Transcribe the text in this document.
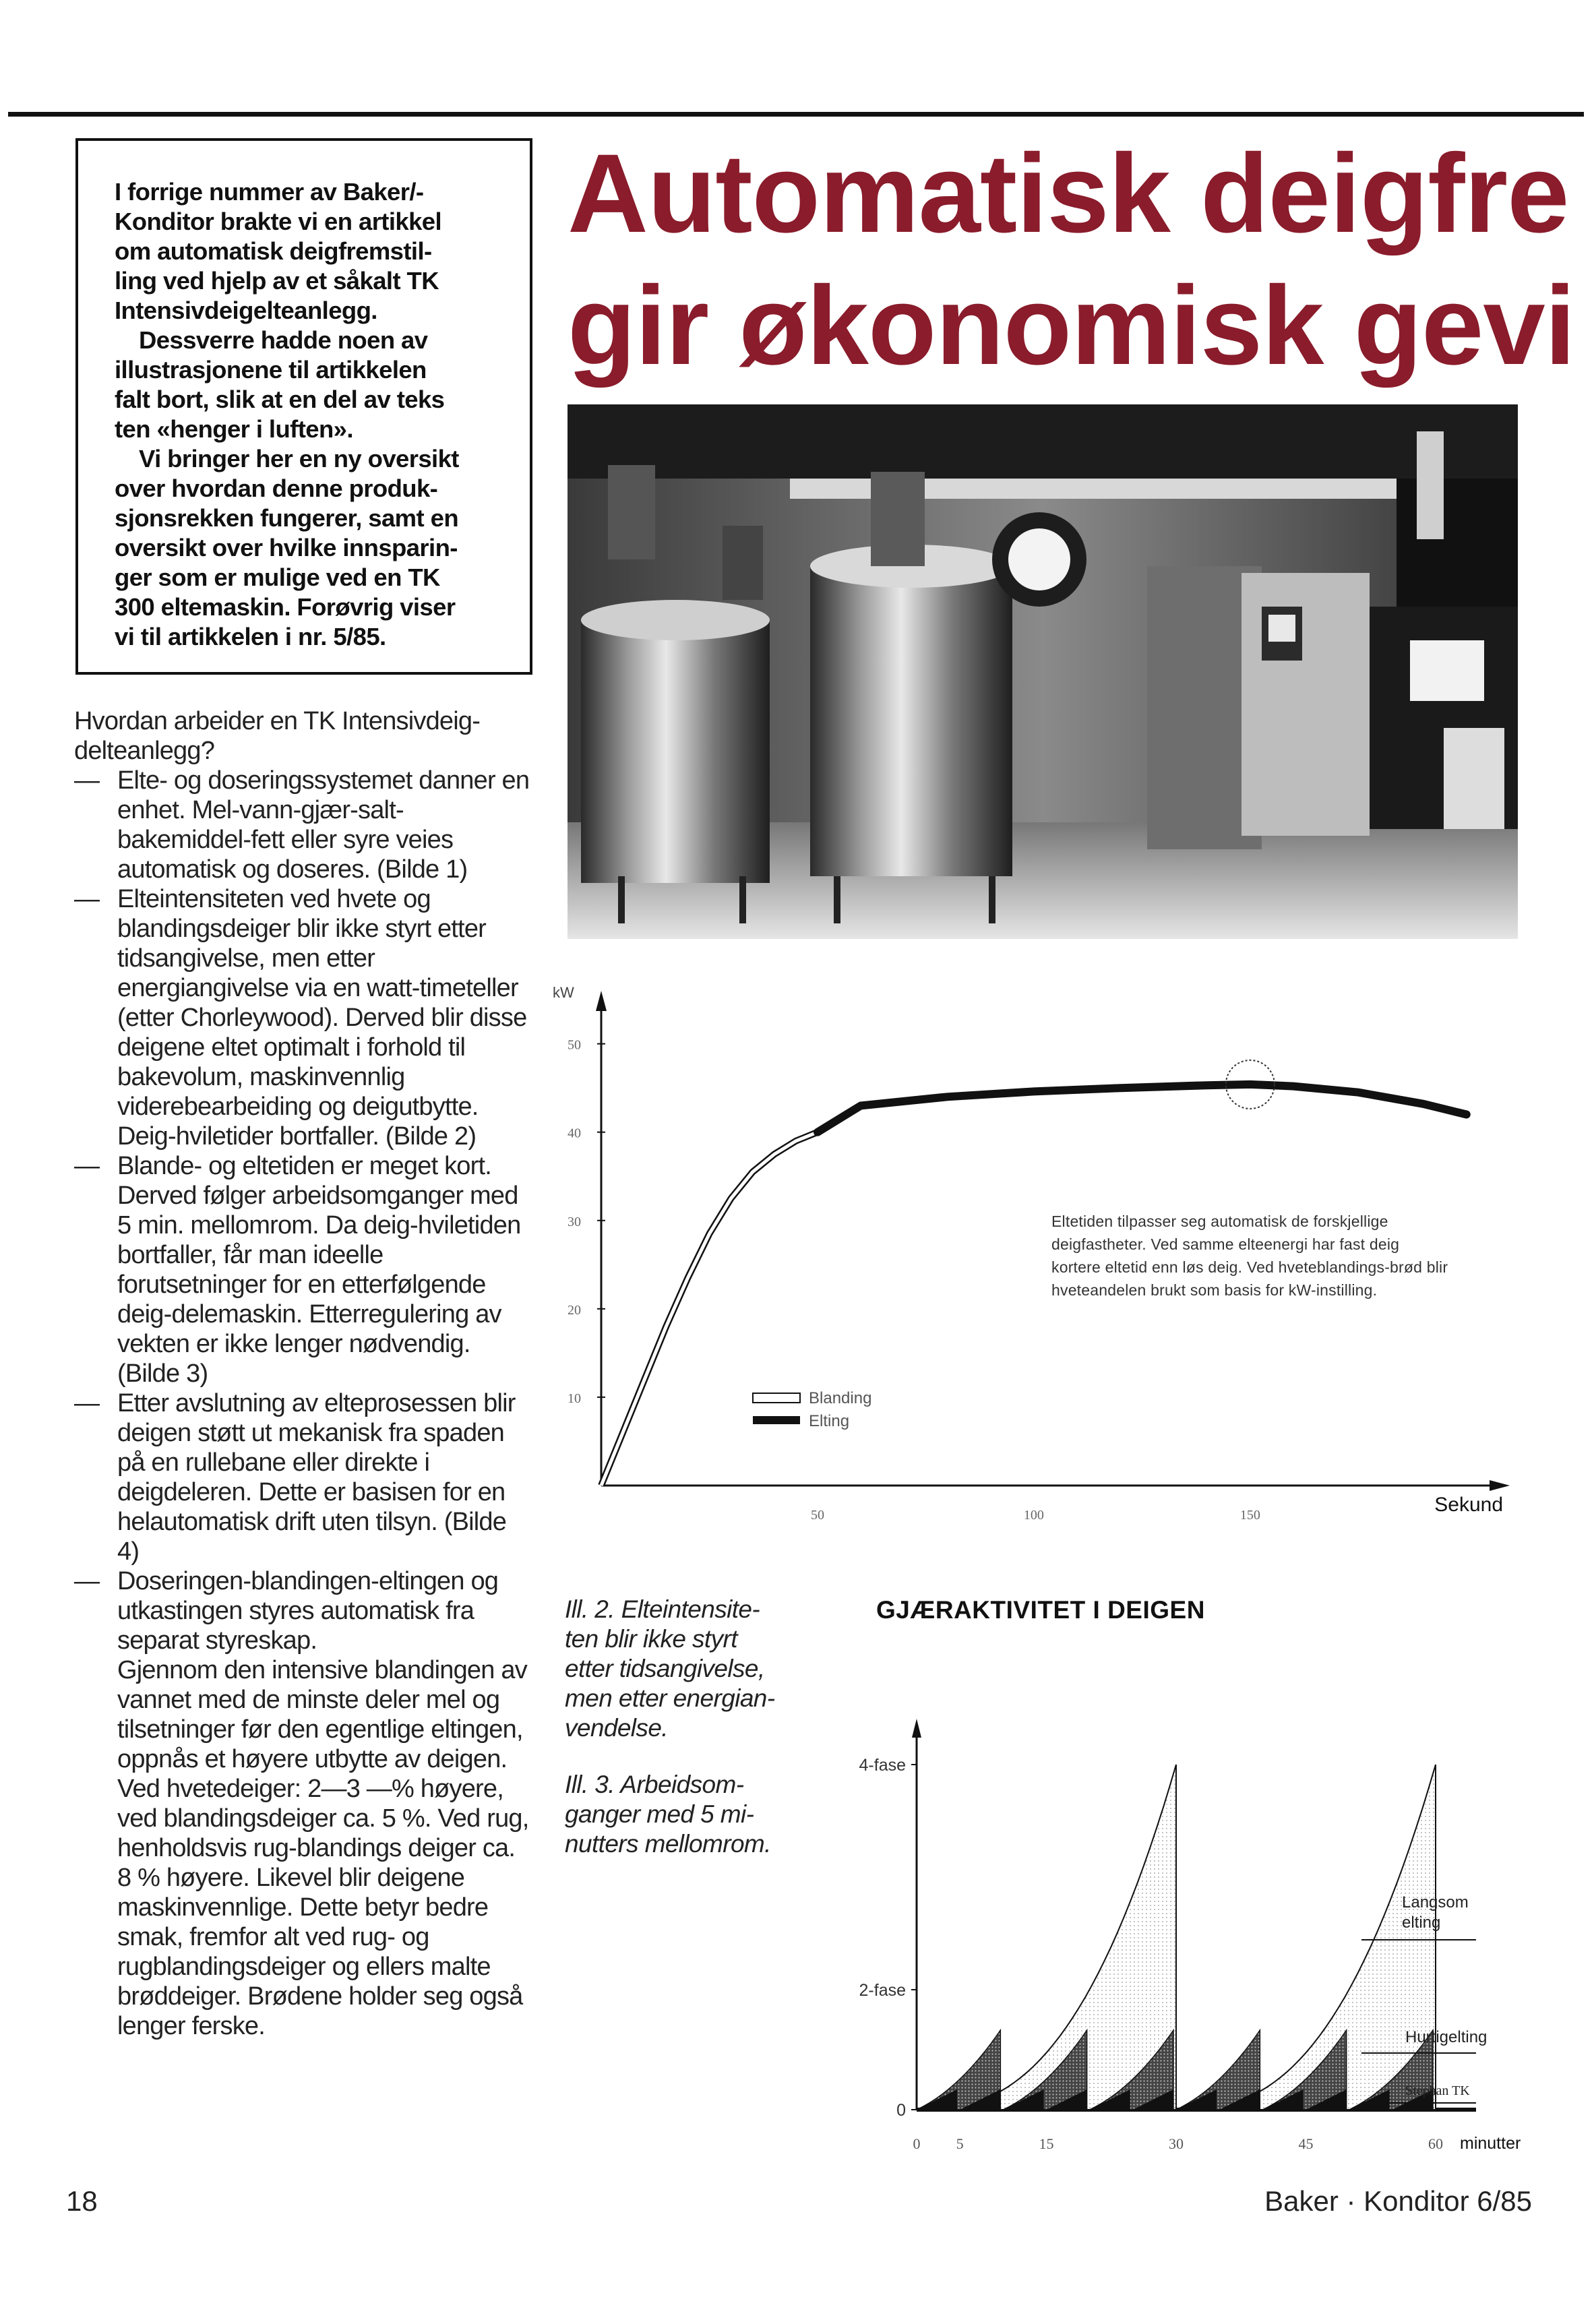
I forrige nummer av Baker/-
Konditor brakte vi en artikkel
om automatisk deigfremstil-
ling ved hjelp av et såkalt TK
Intensivdeigelteanlegg.

Dessverre hadde noen av
illustrasjonene til artikkelen
falt bort, slik at en del av teks
ten «henger i luften».

Vi bringer her en ny oversikt
over hvordan denne produk-
sjonsrekken fungerer, samt en
oversikt over hvilke innsparin-
ger som er mulige ved en TK
300 eltemaskin. Forøvrig viser
vi til artikkelen i nr. 5/85.

Automatisk deigfre
gir økonomisk gevi

Hvordan arbeider en TK Intensivdeig-delteanlegg?

— Elte- og doseringssystemet danner en enhet. Mel-vann-gjær-salt-bakemiddel-fett eller syre veies automatisk og doseres. (Bilde 1)
— Elteintensiteten ved hvete og blandingsdeiger blir ikke styrt etter tidsangivelse, men etter energiangivelse via en watt-timeteller (etter Chorleywood). Derved blir disse deigene eltet optimalt i forhold til bakevolum, maskinvennlig viderebearbeiding og deigutbytte. Deig-hviletider bortfaller. (Bilde 2)
— Blande- og eltetiden er meget kort. Derved følger arbeidsomganger med 5 min. mellomrom. Da deig-hviletiden bortfaller, får man ideelle forutsetninger for en etterfølgende deig-delemaskin. Etterregulering av vekten er ikke lenger nødvendig. (Bilde 3)
— Etter avslutning av elteprosessen blir deigen støtt ut mekanisk fra spaden på en rullebane eller direkte i deigdeleren. Dette er basisen for en helautomatisk drift uten tilsyn. (Bilde 4)
— Doseringen-blandingen-eltingen og utkastingen styres automatisk fra separat styreskap.

Gjennom den intensive blandingen av vannet med de minste deler mel og tilsetninger før den egentlige eltingen, oppnås et høyere utbytte av deigen. Ved hvetedeiger: 2—3 —% høyere, ved blandingsdeiger ca. 5 %. Ved rug, henholdsvis rug-blandings deiger ca. 8 % høyere. Likevel blir deigene maskinvennlige. Dette betyr bedre smak, fremfor alt ved rug- og rugblandingsdeiger og ellers malte brøddeiger. Brødene holder seg også lenger ferske.

10
20
30
40
50
50	100	150
kW
Sekund
Eltetiden tilpasser seg automatisk de forskjellige deigfastheter. Ved samme elteenergi har fast deig kortere eltetid enn løs deig. Ved hveteblandings-brød blir hveteandelen brukt som basis for kW-instilling.
Blanding
Elting

Ill. 2. Elteintensite-
ten blir ikke styrt
etter tidsangivelse,
men etter energian-
vendelse.

Ill. 3. Arbeidsom-
ganger med 5 mi-
nutters mellomrom.

GJÆRAKTIVITET I DEIGEN
0
2-fase
4-fase
0 5	15	30	45	60 minutter
Langsom
elting
Hurtigelting
Stephan TK
18	Baker · Konditor 6/85
